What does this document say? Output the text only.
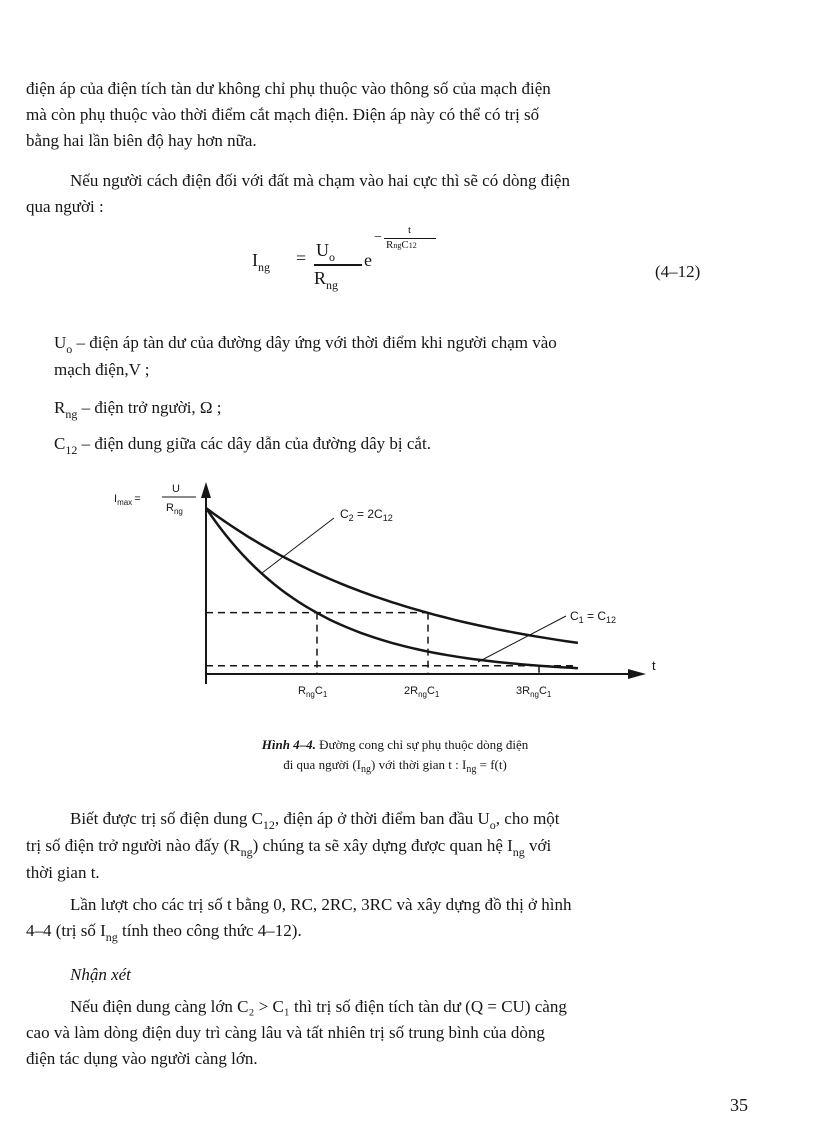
điện áp của điện tích tàn dư không chỉ phụ thuộc vào thông số của mạch điện
mà còn phụ thuộc vào thời điểm cắt mạch điện. Điện áp này có thể có trị số
bằng hai lần biên độ hay hơn nữa.
Nếu người cách điện đối với đất mà chạm vào hai cực thì sẽ có dòng điện
qua người :
$I_{ng} = U_o$
$R_{ng}$
e
− t
RngC12
(4–12)
$U_o$ – điện áp tàn dư của đường dây ứng với thời điểm khi người chạm vào
mạch điện,V ;
$R_{ng}$ – điện trở người, Ω ;
$C_{12}$ – điện dung giữa các dây dẫn của đường dây bị cắt.
$I_{max}$ =
U
$R_{ng}$	$C_2 = 2C_{12}$
$C_1 = C_{12}$
t
$R_{ng}C_1$	$2R_{ng}C_1$	$3R_{ng}C_1$
Hình 4–4. Đường cong chỉ sự phụ thuộc dòng điện
đi qua người $(I_{ng})$ với thời gian t : $I_{ng} = f(t)$
Biết được trị số điện dung $C_{12}$, điện áp ở thời điểm ban đầu $U_o$, cho một
trị số điện trở người nào đấy $(R_{ng})$ chúng ta sẽ xây dựng được quan hệ $I_{ng}$ với
thời gian t.
Lần lượt cho các trị số t bằng 0, RC, 2RC, 3RC và xây dựng đồ thị ở hình
4–4 (trị số $I_{ng}$ tính theo công thức 4–12).
Nhận xét
Nếu điện dung càng lớn C₂ > C₁ thì trị số điện tích tàn dư (Q = CU) càng
cao và làm dòng điện duy trì càng lâu và tất nhiên trị số trung bình của dòng
điện tác dụng vào người càng lớn.
35
